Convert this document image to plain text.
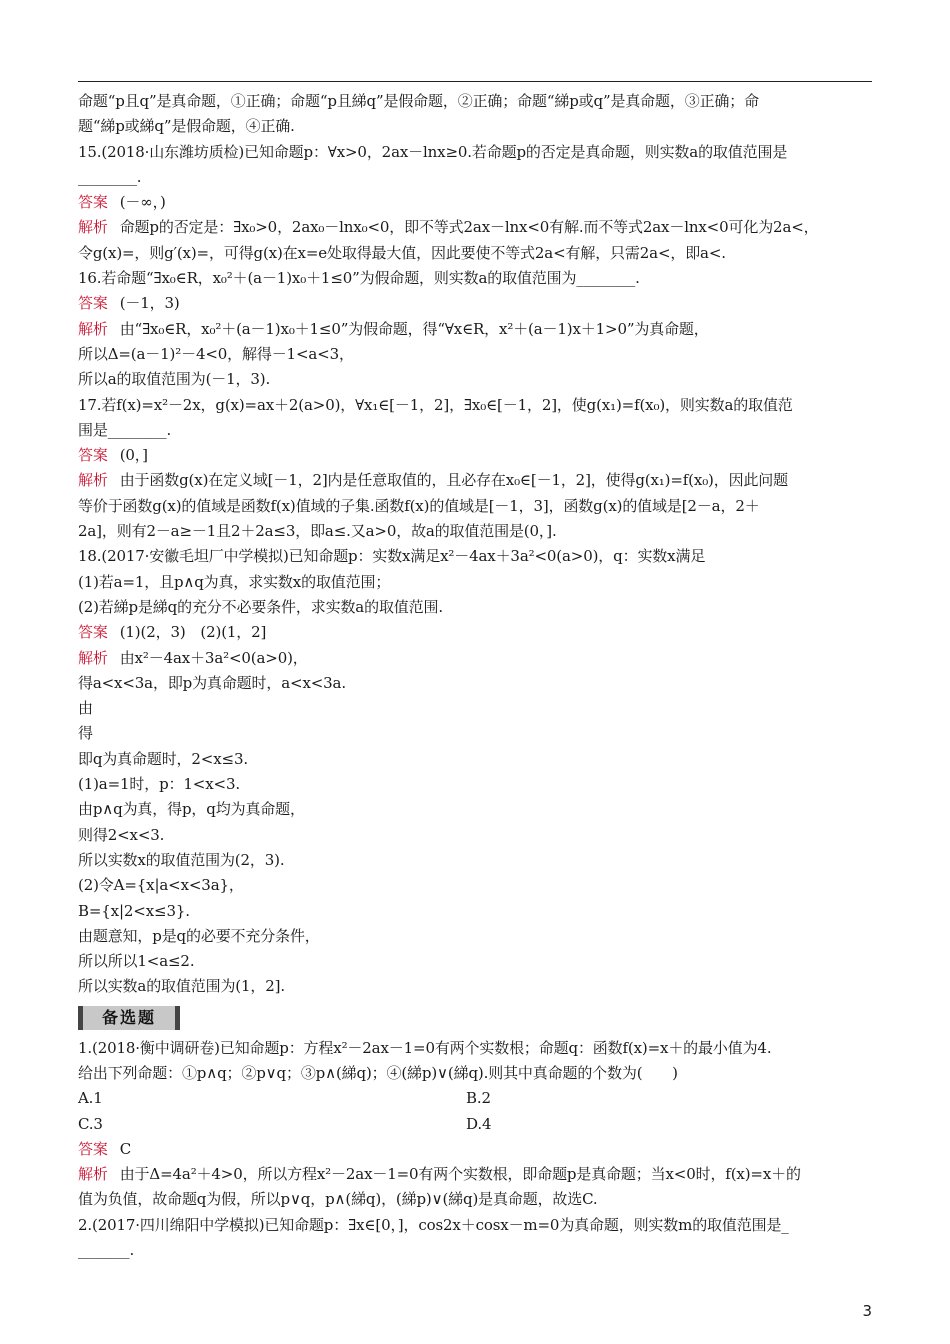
命题“p且q”是真命题，①正确；命题“p且綈q”是假命题，②正确；命题“綈p或q”是真命题，③正确；命
题“綈p或綈q”是假命题，④正确.
15.(2018·山东潍坊质检)已知命题p：∀x>0，2ax－lnx≥0.若命题p的否定是真命题，则实数a的取值范围是
________.
答案 (－∞，)
解析 命题p的否定是：∃x₀>0，2ax₀－lnx₀<0，即不等式2ax－lnx<0有解.而不等式2ax－lnx<0可化为2a<，
令g(x)=，则g′(x)=，可得g(x)在x=e处取得最大值，因此要使不等式2a<有解，只需2a<，即a<.
16.若命题“∃x₀∈R，x₀²＋(a－1)x₀＋1≤0”为假命题，则实数a的取值范围为________.
答案 (－1，3)
解析 由“∃x₀∈R，x₀²＋(a－1)x₀＋1≤0”为假命题，得“∀x∈R，x²＋(a－1)x＋1>0”为真命题，
所以Δ=(a－1)²－4<0，解得－1<a<3，
所以a的取值范围为(－1，3).
17.若f(x)=x²－2x，g(x)=ax＋2(a>0)，∀x₁∈[－1，2]，∃x₀∈[－1，2]，使g(x₁)=f(x₀)，则实数a的取值范
围是________.
答案 (0，]
解析 由于函数g(x)在定义域[－1，2]内是任意取值的，且必存在x₀∈[－1，2]，使得g(x₁)=f(x₀)，因此问题
等价于函数g(x)的值域是函数f(x)值域的子集.函数f(x)的值域是[－1，3]，函数g(x)的值域是[2－a，2＋
2a]，则有2－a≥－1且2＋2a≤3，即a≤.又a>0，故a的取值范围是(0，].
18.(2017·安徽毛坦厂中学模拟)已知命题p：实数x满足x²－4ax＋3a²<0(a>0)，q：实数x满足
(1)若a=1，且p∧q为真，求实数x的取值范围；
(2)若綈p是綈q的充分不必要条件，求实数a的取值范围.
答案 (1)(2，3)　(2)(1，2]
解析 由x²－4ax＋3a²<0(a>0)，
得a<x<3a，即p为真命题时，a<x<3a.
由
得
即q为真命题时，2<x≤3.
(1)a=1时，p：1<x<3.
由p∧q为真，得p，q均为真命题，
则得2<x<3.
所以实数x的取值范围为(2，3).
(2)令A={x|a<x<3a}，
B={x|2<x≤3}.
由题意知，p是q的必要不充分条件，
所以所以1<a≤2.
所以实数a的取值范围为(1，2].
备选题
1.(2018·衡中调研卷)已知命题p：方程x²－2ax－1=0有两个实数根；命题q：函数f(x)=x＋的最小值为4.
给出下列命题：①p∧q；②p∨q；③p∧(綈q)；④(綈p)∨(綈q).则其中真命题的个数为(　　)
A.1	B.2
C.3	D.4
答案 C
解析 由于Δ=4a²＋4>0，所以方程x²－2ax－1=0有两个实数根，即命题p是真命题；当x<0时，f(x)=x＋的
值为负值，故命题q为假，所以p∨q，p∧(綈q)，(綈p)∨(綈q)是真命题，故选C.
2.(2017·四川绵阳中学模拟)已知命题p：∃x∈[0，]，cos2x＋cosx－m=0为真命题，则实数m的取值范围是_
_______.
3
